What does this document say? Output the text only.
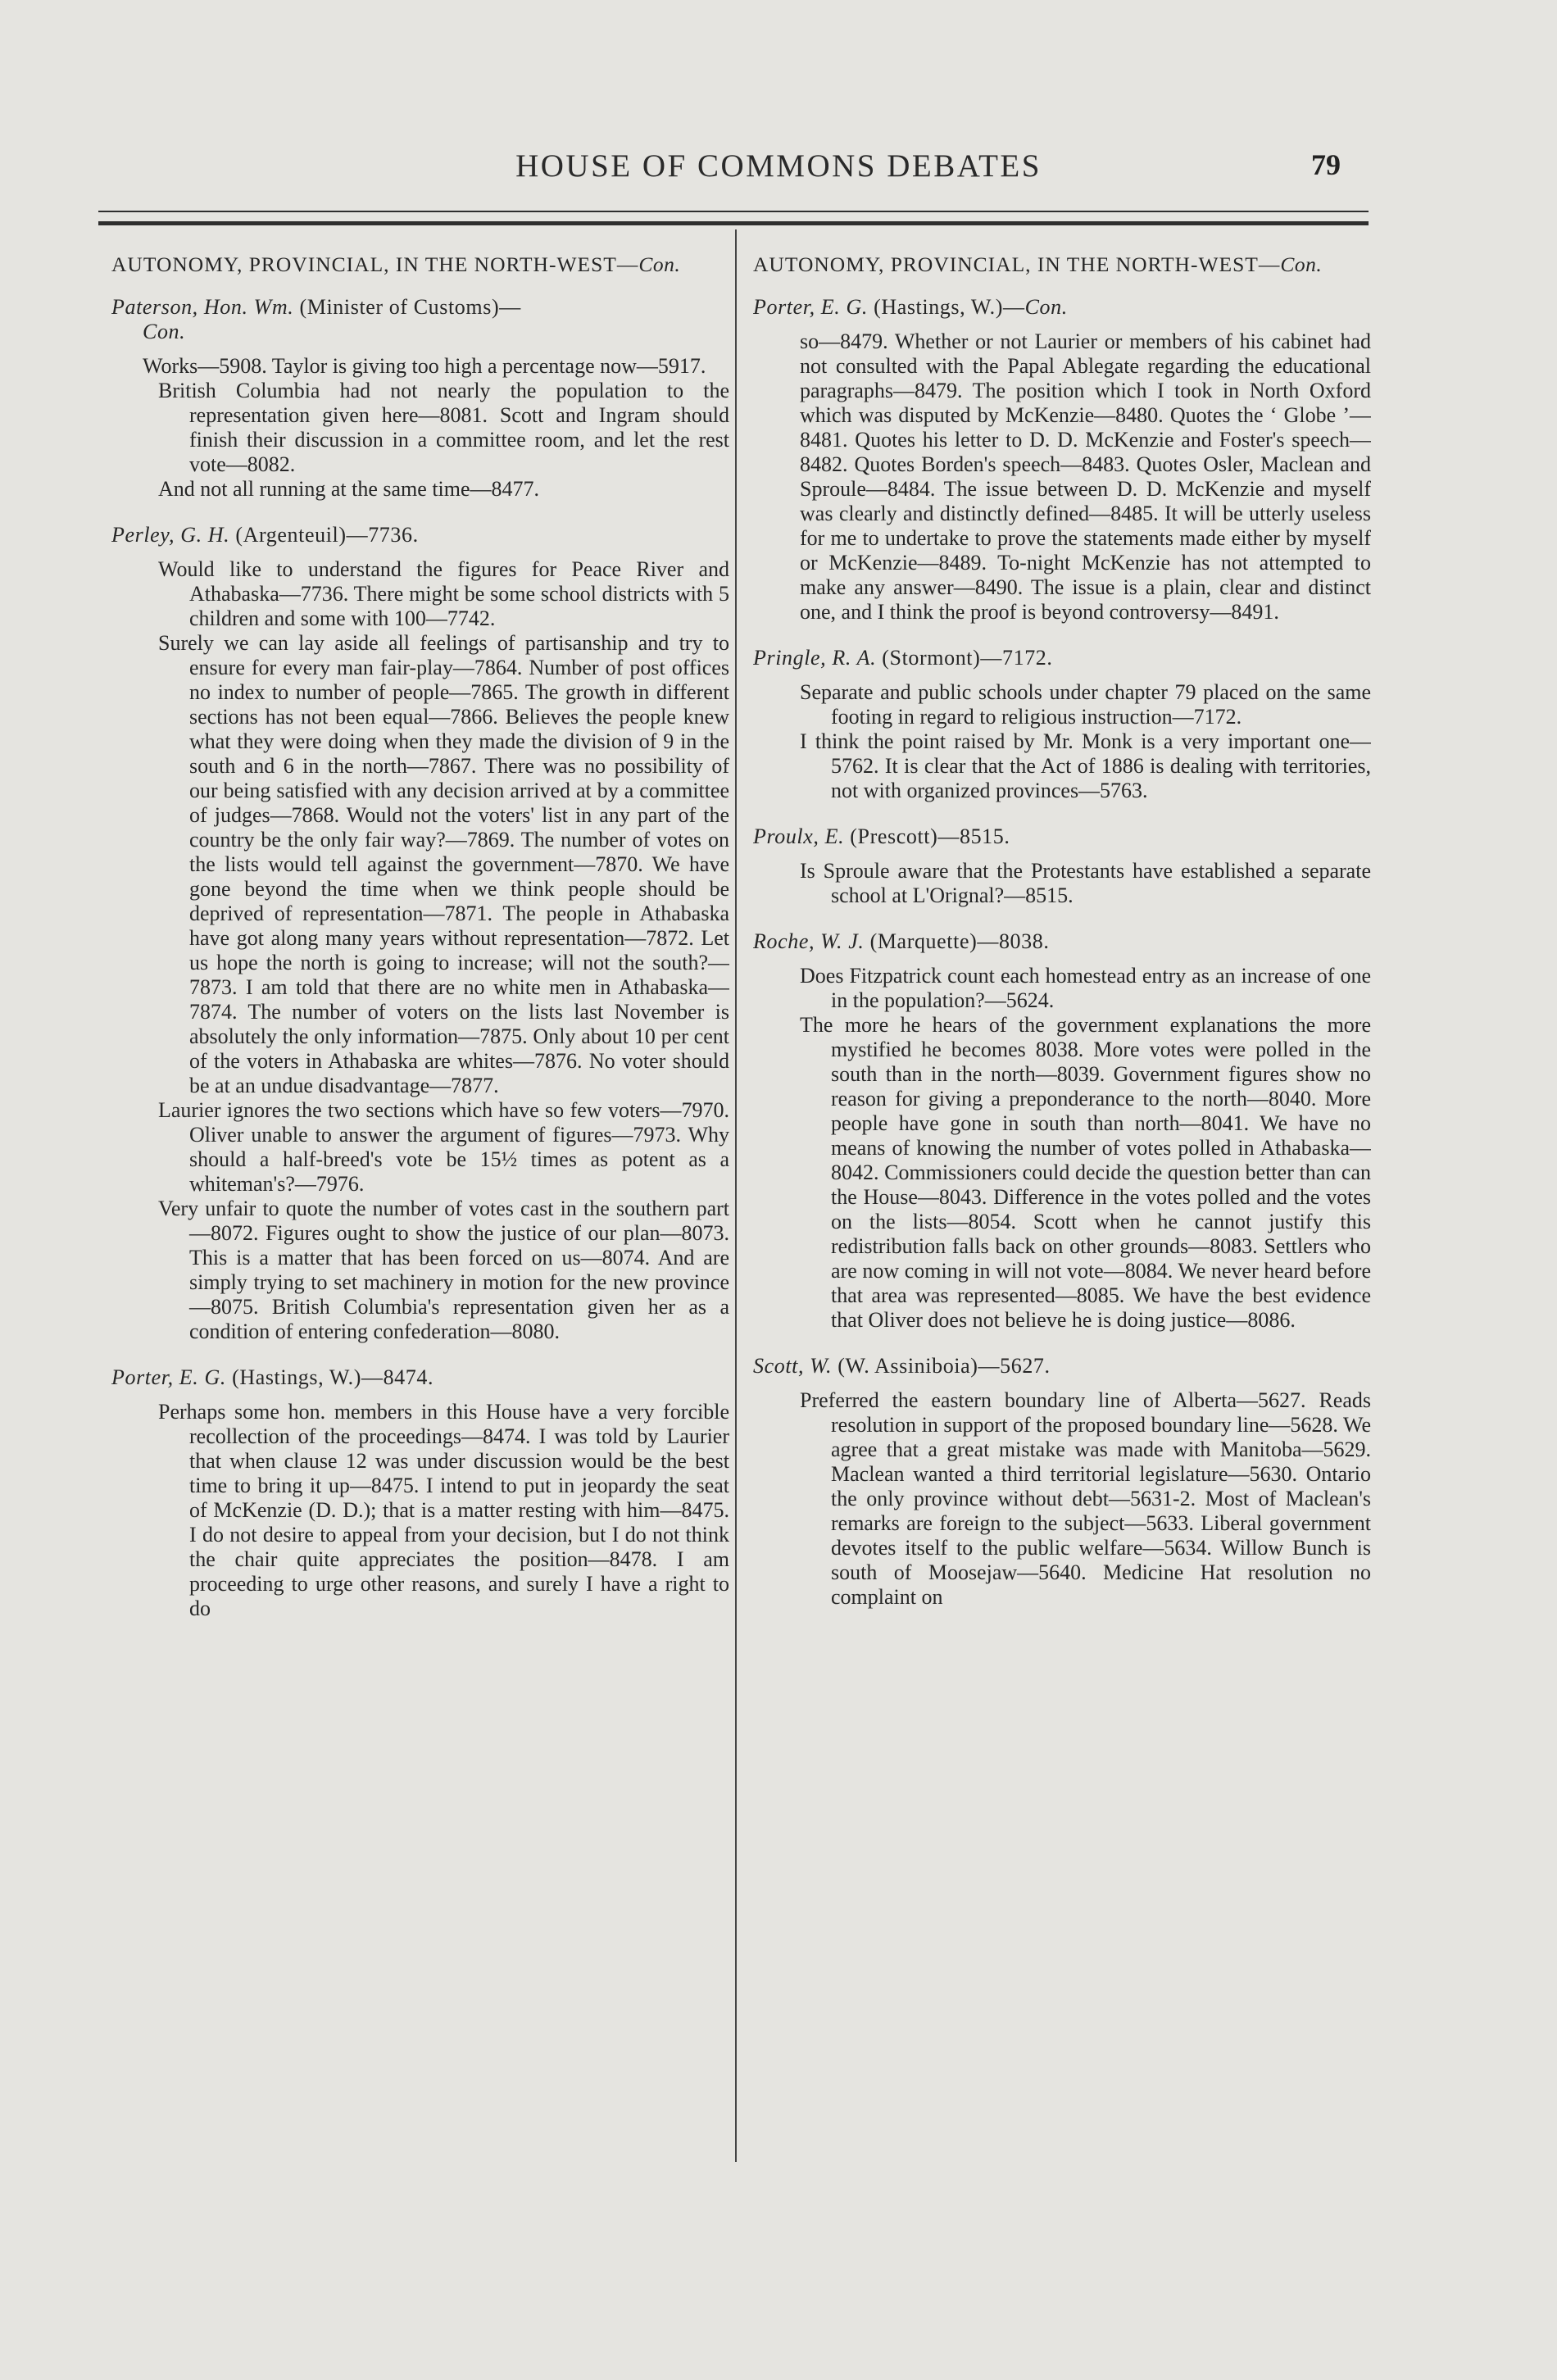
HOUSE OF COMMONS DEBATES	79

AUTONOMY, PROVINCIAL, IN THE NORTH-WEST—Con.

Paterson, Hon. Wm. (Minister of Customs)—
Con.

Works—5908. Taylor is giving too high a percentage now—5917.

British Columbia had not nearly the population to the representation given here—8081. Scott and Ingram should finish their discussion in a committee room, and let the rest vote—8082.

And not all running at the same time—8477.

Perley, G. H. (Argenteuil)—7736.

Would like to understand the figures for Peace River and Athabaska—7736. There might be some school districts with 5 children and some with 100—7742.

Surely we can lay aside all feelings of partisanship and try to ensure for every man fair-play—7864. Number of post offices no index to number of people—7865. The growth in different sections has not been equal—7866. Believes the people knew what they were doing when they made the division of 9 in the south and 6 in the north—7867. There was no possibility of our being satisfied with any decision arrived at by a committee of judges—7868. Would not the voters' list in any part of the country be the only fair way?—7869. The number of votes on the lists would tell against the government—7870. We have gone beyond the time when we think people should be deprived of representation—7871. The people in Athabaska have got along many years without representation—7872. Let us hope the north is going to increase; will not the south?—7873. I am told that there are no white men in Athabaska—7874. The number of voters on the lists last November is absolutely the only information—7875. Only about 10 per cent of the voters in Athabaska are whites—7876. No voter should be at an undue disadvantage—7877.

Laurier ignores the two sections which have so few voters—7970. Oliver unable to answer the argument of figures—7973. Why should a half-breed's vote be 15½ times as potent as a whiteman's?—7976.

Very unfair to quote the number of votes cast in the southern part—8072. Figures ought to show the justice of our plan—8073. This is a matter that has been forced on us—8074. And are simply trying to set machinery in motion for the new province—8075. British Columbia's representation given her as a condition of entering confederation—8080.

Porter, E. G. (Hastings, W.)—8474.

Perhaps some hon. members in this House have a very forcible recollection of the proceedings—8474. I was told by Laurier that when clause 12 was under discussion would be the best time to bring it up—8475. I intend to put in jeopardy the seat of McKenzie (D. D.); that is a matter resting with him—8475. I do not desire to appeal from your decision, but I do not think the chair quite appreciates the position—8478. I am proceeding to urge other reasons, and surely I have a right to do

AUTONOMY, PROVINCIAL, IN THE NORTH-WEST—Con.

Porter, E. G. (Hastings, W.)—Con.

so—8479. Whether or not Laurier or members of his cabinet had not consulted with the Papal Ablegate regarding the educational paragraphs—8479. The position which I took in North Oxford which was disputed by McKenzie—8480. Quotes the ‘ Globe ’—8481. Quotes his letter to D. D. McKenzie and Foster's speech—8482. Quotes Borden's speech—8483. Quotes Osler, Maclean and Sproule—8484. The issue between D. D. McKenzie and myself was clearly and distinctly defined—8485. It will be utterly useless for me to undertake to prove the statements made either by myself or McKenzie—8489. To-night McKenzie has not attempted to make any answer—8490. The issue is a plain, clear and distinct one, and I think the proof is beyond controversy—8491.

Pringle, R. A. (Stormont)—7172.

Separate and public schools under chapter 79 placed on the same footing in regard to religious instruction—7172.

I think the point raised by Mr. Monk is a very important one—5762. It is clear that the Act of 1886 is dealing with territories, not with organized provinces—5763.

Proulx, E. (Prescott)—8515.

Is Sproule aware that the Protestants have established a separate school at L'Orignal?—8515.

Roche, W. J. (Marquette)—8038.

Does Fitzpatrick count each homestead entry as an increase of one in the population?—5624.

The more he hears of the government explanations the more mystified he becomes 8038. More votes were polled in the south than in the north—8039. Government figures show no reason for giving a preponderance to the north—8040. More people have gone in south than north—8041. We have no means of knowing the number of votes polled in Athabaska—8042. Commissioners could decide the question better than can the House—8043. Difference in the votes polled and the votes on the lists—8054. Scott when he cannot justify this redistribution falls back on other grounds—8083. Settlers who are now coming in will not vote—8084. We never heard before that area was represented—8085. We have the best evidence that Oliver does not believe he is doing justice—8086.

Scott, W. (W. Assiniboia)—5627.

Preferred the eastern boundary line of Alberta—5627. Reads resolution in support of the proposed boundary line—5628. We agree that a great mistake was made with Manitoba—5629. Maclean wanted a third territorial legislature—5630. Ontario the only province without debt—5631-2. Most of Maclean's remarks are foreign to the subject—5633. Liberal government devotes itself to the public welfare—5634. Willow Bunch is south of Moosejaw—5640. Medicine Hat resolution no complaint on
